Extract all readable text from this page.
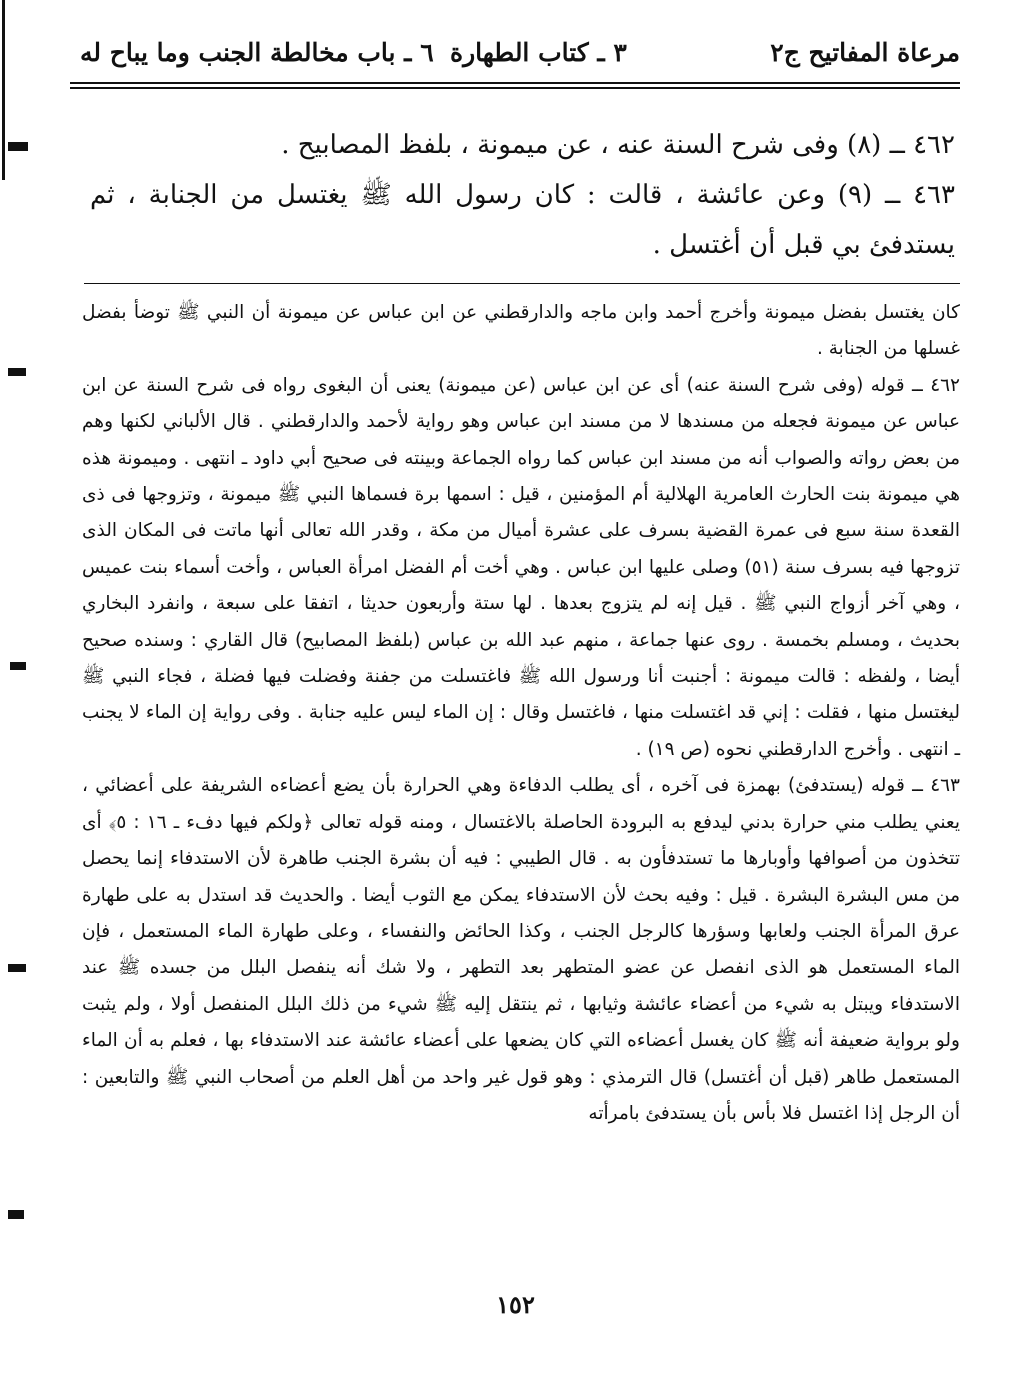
مرعاة المفاتيح ج٢
٣ ـ كتاب الطهارة
٦ ـ باب مخالطة الجنب وما يباح له

٤٦٢ ــ (٨) وفى شرح السنة عنه ، عن ميمونة ، بلفظ المصابيح .

٤٦٣ ــ (٩) وعن عائشة ، قالت : كان رسول الله ﷺ يغتسل من الجنابة ، ثم يستدفئ بي قبل أن أغتسل .

كان يغتسل بفضل ميمونة وأخرج أحمد وابن ماجه والدارقطني عن ابن عباس عن ميمونة أن النبي ﷺ توضأ بفضل غسلها من الجنابة .

٤٦٢ ــ قوله (وفى شرح السنة عنه) أى عن ابن عباس (عن ميمونة) يعنى أن البغوى رواه فى شرح السنة عن ابن عباس عن ميمونة فجعله من مسندها لا من مسند ابن عباس وهو رواية لأحمد والدارقطني . قال الألباني لكنها وهم من بعض رواته والصواب أنه من مسند ابن عباس كما رواه الجماعة وبينته فى صحيح أبي داود ـ انتهى . وميمونة هذه هي ميمونة بنت الحارث العامرية الهلالية أم المؤمنين ، قيل : اسمها برة فسماها النبي ﷺ ميمونة ، وتزوجها فى ذى القعدة سنة سبع فى عمرة القضية بسرف على عشرة أميال من مكة ، وقدر الله تعالى أنها ماتت فى المكان الذى تزوجها فيه بسرف سنة (٥١) وصلى عليها ابن عباس . وهي أخت أم الفضل امرأة العباس ، وأخت أسماء بنت عميس ، وهي آخر أزواج النبي ﷺ . قيل إنه لم يتزوج بعدها . لها ستة وأربعون حديثا ، اتفقا على سبعة ، وانفرد البخاري بحديث ، ومسلم بخمسة . روى عنها جماعة ، منهم عبد الله بن عباس (بلفظ المصابيح) قال القاري : وسنده صحيح أيضا ، ولفظه : قالت ميمونة : أجنبت أنا ورسول الله ﷺ فاغتسلت من جفنة وفضلت فيها فضلة ، فجاء النبي ﷺ ليغتسل منها ، فقلت : إني قد اغتسلت منها ، فاغتسل وقال : إن الماء ليس عليه جنابة . وفى رواية إن الماء لا يجنب ـ انتهى . وأخرج الدارقطني نحوه (ص ١٩) .

٤٦٣ ــ قوله (يستدفئ) بهمزة فى آخره ، أى يطلب الدفاءة وهي الحرارة بأن يضع أعضاءه الشريفة على أعضائي ، يعني يطلب مني حرارة بدني ليدفع به البرودة الحاصلة بالاغتسال ، ومنه قوله تعالى ﴿ولكم فيها دفء ـ ١٦ : ٥﴾ أى تتخذون من أصوافها وأوبارها ما تستدفأون به . قال الطيبي : فيه أن بشرة الجنب طاهرة لأن الاستدفاء إنما يحصل من مس البشرة البشرة . قيل : وفيه بحث لأن الاستدفاء يمكن مع الثوب أيضا . والحديث قد استدل به على طهارة عرق المرأة الجنب ولعابها وسؤرها كالرجل الجنب ، وكذا الحائض والنفساء ، وعلى طهارة الماء المستعمل ، فإن الماء المستعمل هو الذى انفصل عن عضو المتطهر بعد التطهر ، ولا شك أنه ينفصل البلل من جسده ﷺ عند الاستدفاء ويبتل به شيء من أعضاء عائشة وثيابها ، ثم ينتقل إليه ﷺ شيء من ذلك البلل المنفصل أولا ، ولم يثبت ولو برواية ضعيفة أنه ﷺ كان يغسل أعضاءه التي كان يضعها على أعضاء عائشة عند الاستدفاء بها ، فعلم به أن الماء المستعمل طاهر (قبل أن أغتسل) قال الترمذي : وهو قول غير واحد من أهل العلم من أصحاب النبي ﷺ والتابعين : أن الرجل إذا اغتسل فلا بأس بأن يستدفئ بامرأته

١٥٢
